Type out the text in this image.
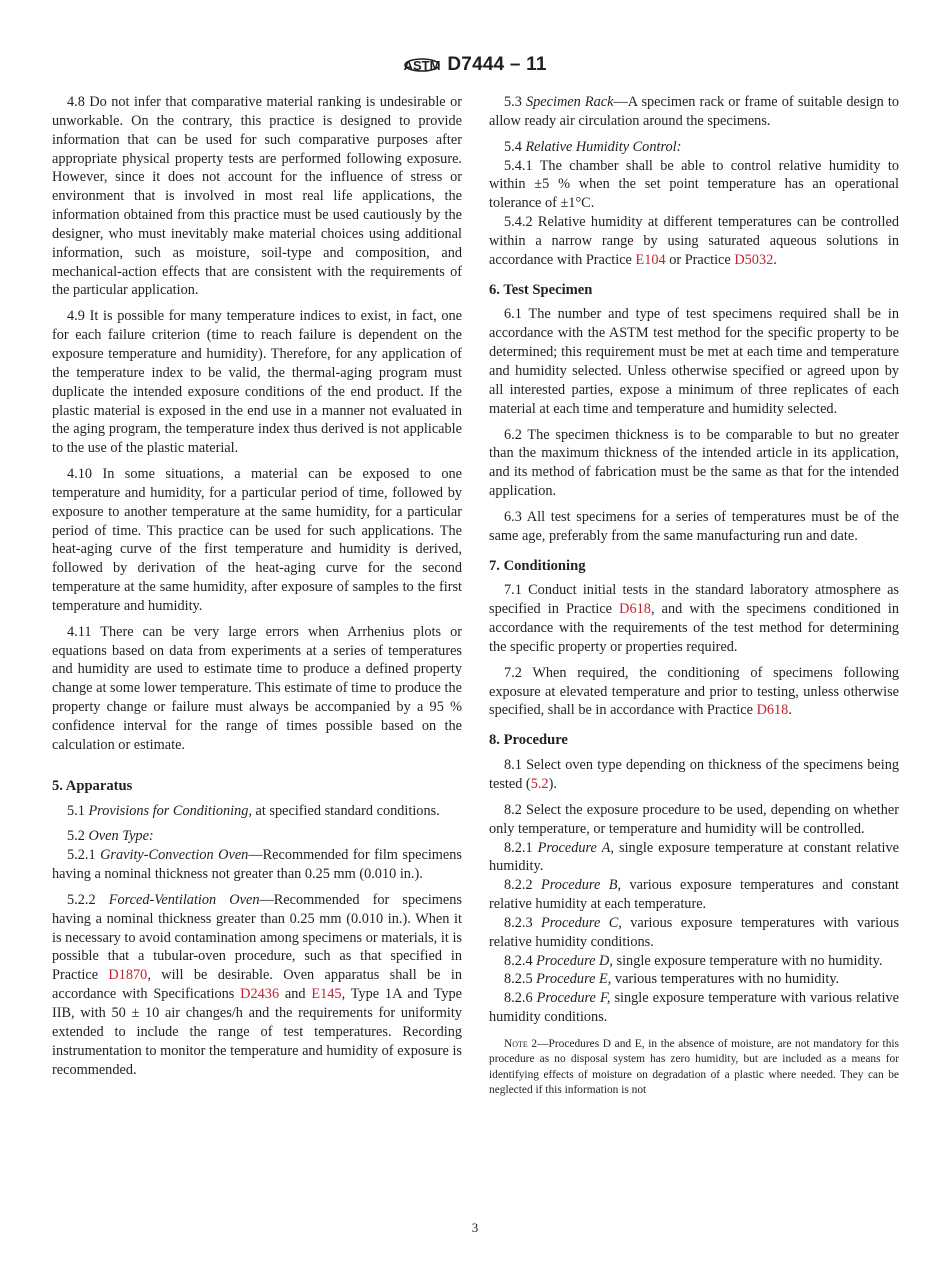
ASTM D7444 – 11

4.8 Do not infer that comparative material ranking is undesirable or unworkable. On the contrary, this practice is designed to provide information that can be used for such comparative purposes after appropriate physical property tests are performed following exposure. However, since it does not account for the influence of stress or environment that is involved in most real life applications, the information obtained from this practice must be used cautiously by the designer, who must inevitably make material choices using additional information, such as moisture, soil-type and composition, and mechanical-action effects that are consistent with the requirements of the particular application.

4.9 It is possible for many temperature indices to exist, in fact, one for each failure criterion (time to reach failure is dependent on the exposure temperature and humidity). Therefore, for any application of the temperature index to be valid, the thermal-aging program must duplicate the intended exposure conditions of the end product. If the plastic material is exposed in the end use in a manner not evaluated in the aging program, the temperature index thus derived is not applicable to the use of the plastic material.

4.10 In some situations, a material can be exposed to one temperature and humidity, for a particular period of time, followed by exposure to another temperature at the same humidity, for a particular period of time. This practice can be used for such applications. The heat-aging curve of the first temperature and humidity is derived, followed by derivation of the heat-aging curve for the second temperature at the same humidity, after exposure of samples to the first temperature and humidity.

4.11 There can be very large errors when Arrhenius plots or equations based on data from experiments at a series of temperatures and humidity are used to estimate time to produce a defined property change at some lower temperature. This estimate of time to produce the property change or failure must always be accompanied by a 95 % confidence interval for the range of times possible based on the calculation or estimate.

5. Apparatus

5.1 Provisions for Conditioning, at specified standard conditions.

5.2 Oven Type:

5.2.1 Gravity-Convection Oven—Recommended for film specimens having a nominal thickness not greater than 0.25 mm (0.010 in.).

5.2.2 Forced-Ventilation Oven—Recommended for specimens having a nominal thickness greater than 0.25 mm (0.010 in.). When it is necessary to avoid contamination among specimens or materials, it is possible that a tubular-oven procedure, such as that specified in Practice D1870, will be desirable. Oven apparatus shall be in accordance with Specifications D2436 and E145, Type 1A and Type IIB, with 50 ± 10 air changes/h and the requirements for uniformity extended to include the range of test temperatures. Recording instrumentation to monitor the temperature and humidity of exposure is recommended.

5.3 Specimen Rack—A specimen rack or frame of suitable design to allow ready air circulation around the specimens.

5.4 Relative Humidity Control:

5.4.1 The chamber shall be able to control relative humidity to within ±5 % when the set point temperature has an operational tolerance of ±1°C.

5.4.2 Relative humidity at different temperatures can be controlled within a narrow range by using saturated aqueous solutions in accordance with Practice E104 or Practice D5032.

6. Test Specimen

6.1 The number and type of test specimens required shall be in accordance with the ASTM test method for the specific property to be determined; this requirement must be met at each time and temperature and humidity selected. Unless otherwise specified or agreed upon by all interested parties, expose a minimum of three replicates of each material at each time and temperature and humidity selected.

6.2 The specimen thickness is to be comparable to but no greater than the maximum thickness of the intended article in its application, and its method of fabrication must be the same as that for the intended application.

6.3 All test specimens for a series of temperatures must be of the same age, preferably from the same manufacturing run and date.

7. Conditioning

7.1 Conduct initial tests in the standard laboratory atmosphere as specified in Practice D618, and with the specimens conditioned in accordance with the requirements of the test method for determining the specific property or properties required.

7.2 When required, the conditioning of specimens following exposure at elevated temperature and prior to testing, unless otherwise specified, shall be in accordance with Practice D618.

8. Procedure

8.1 Select oven type depending on thickness of the specimens being tested (5.2).

8.2 Select the exposure procedure to be used, depending on whether only temperature, or temperature and humidity will be controlled.

8.2.1 Procedure A, single exposure temperature at constant relative humidity.

8.2.2 Procedure B, various exposure temperatures and constant relative humidity at each temperature.

8.2.3 Procedure C, various exposure temperatures with various relative humidity conditions.

8.2.4 Procedure D, single exposure temperature with no humidity.

8.2.5 Procedure E, various temperatures with no humidity.

8.2.6 Procedure F, single exposure temperature with various relative humidity conditions.

Note 2—Procedures D and E, in the absence of moisture, are not mandatory for this procedure as no disposal system has zero humidity, but are included as a means for identifying effects of moisture on degradation of a plastic where needed. They can be neglected if this information is not

3
